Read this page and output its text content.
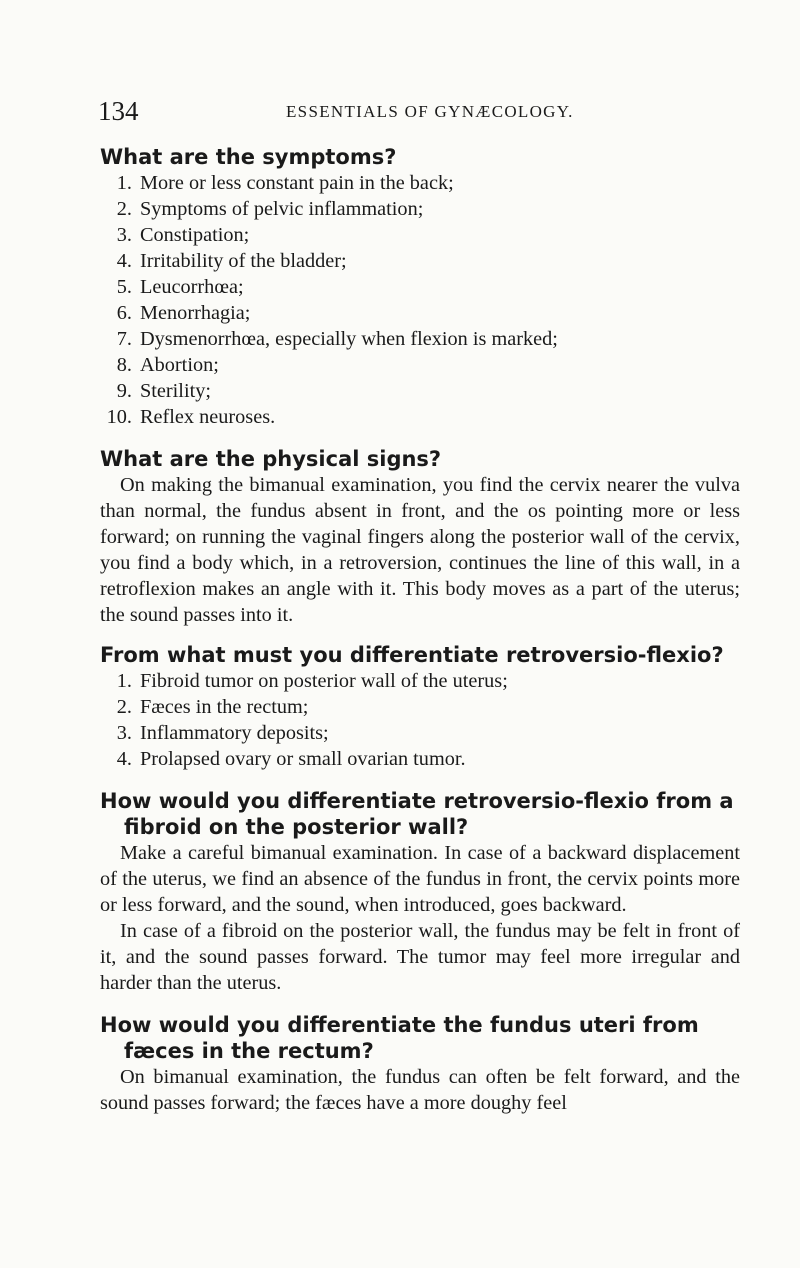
134	ESSENTIALS OF GYNÆCOLOGY.
What are the symptoms?
1. More or less constant pain in the back;
2. Symptoms of pelvic inflammation;
3. Constipation;
4. Irritability of the bladder;
5. Leucorrhœa;
6. Menorrhagia;
7. Dysmenorrhœa, especially when flexion is marked;
8. Abortion;
9. Sterility;
10. Reflex neuroses.
What are the physical signs?

On making the bimanual examination, you find the cervix nearer the vulva than normal, the fundus absent in front, and the os pointing more or less forward; on running the vaginal fingers along the posterior wall of the cervix, you find a body which, in a retroversion, continues the line of this wall, in a retroflexion makes an angle with it. This body moves as a part of the uterus; the sound passes into it.

From what must you differentiate retroversio-flexio?
1. Fibroid tumor on posterior wall of the uterus;
2. Fæces in the rectum;
3. Inflammatory deposits;
4. Prolapsed ovary or small ovarian tumor.
How would you differentiate retroversio-flexio from a fibroid on the posterior wall?

Make a careful bimanual examination. In case of a backward displacement of the uterus, we find an absence of the fundus in front, the cervix points more or less forward, and the sound, when introduced, goes backward.

In case of a fibroid on the posterior wall, the fundus may be felt in front of it, and the sound passes forward. The tumor may feel more irregular and harder than the uterus.

How would you differentiate the fundus uteri from fæces in the rectum?

On bimanual examination, the fundus can often be felt forward, and the sound passes forward; the fæces have a more doughy feel
